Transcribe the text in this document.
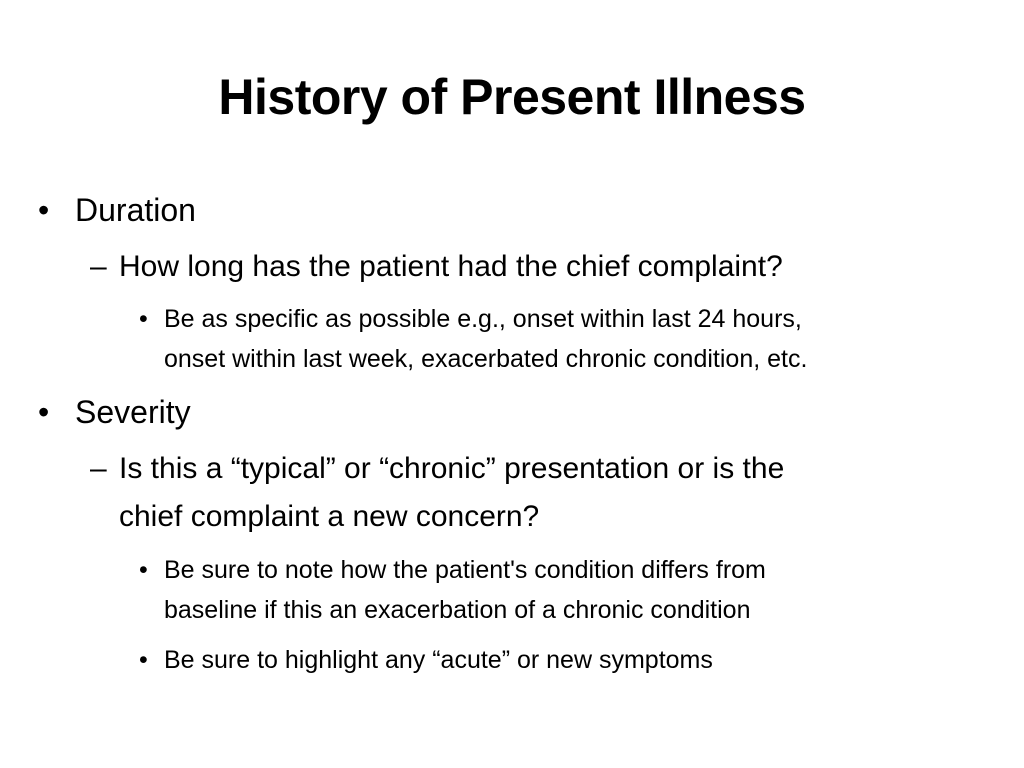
History of Present Illness
• Duration
– How long has the patient had the chief complaint?
• Be as specific as possible e.g., onset within last 24 hours,
onset within last week, exacerbated chronic condition, etc.
• Severity
– Is this a “typical” or “chronic” presentation or is the
chief complaint a new concern?
• Be sure to note how the patient's condition differs from
baseline if this an exacerbation of a chronic condition
• Be sure to highlight any “acute” or new symptoms
